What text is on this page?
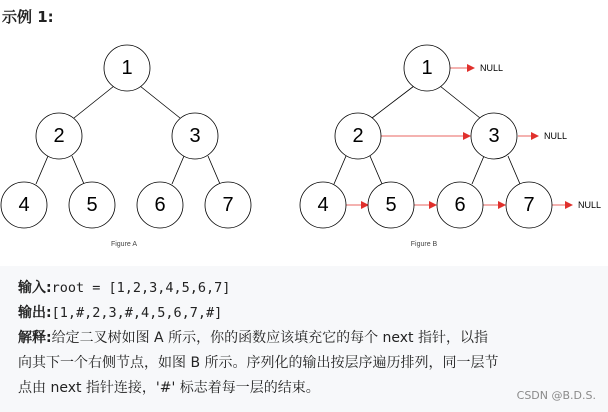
示例 1:
1
2	3
4	5	6	7
Figure A
1
2	3
4	5	6	7
NULL
NULL
NULL
Figure B
输入:root = [1,2,3,4,5,6,7]
输出:[1,#,2,3,#,4,5,6,7,#]
解释:给定二叉树如图 A 所示，你的函数应该填充它的每个 next 指针，以指
向其下一个右侧节点，如图 B 所示。序列化的输出按层序遍历排列，同一层节
点由 next 指针连接，'#' 标志着每一层的结束。	CSDN @B.D.S.
